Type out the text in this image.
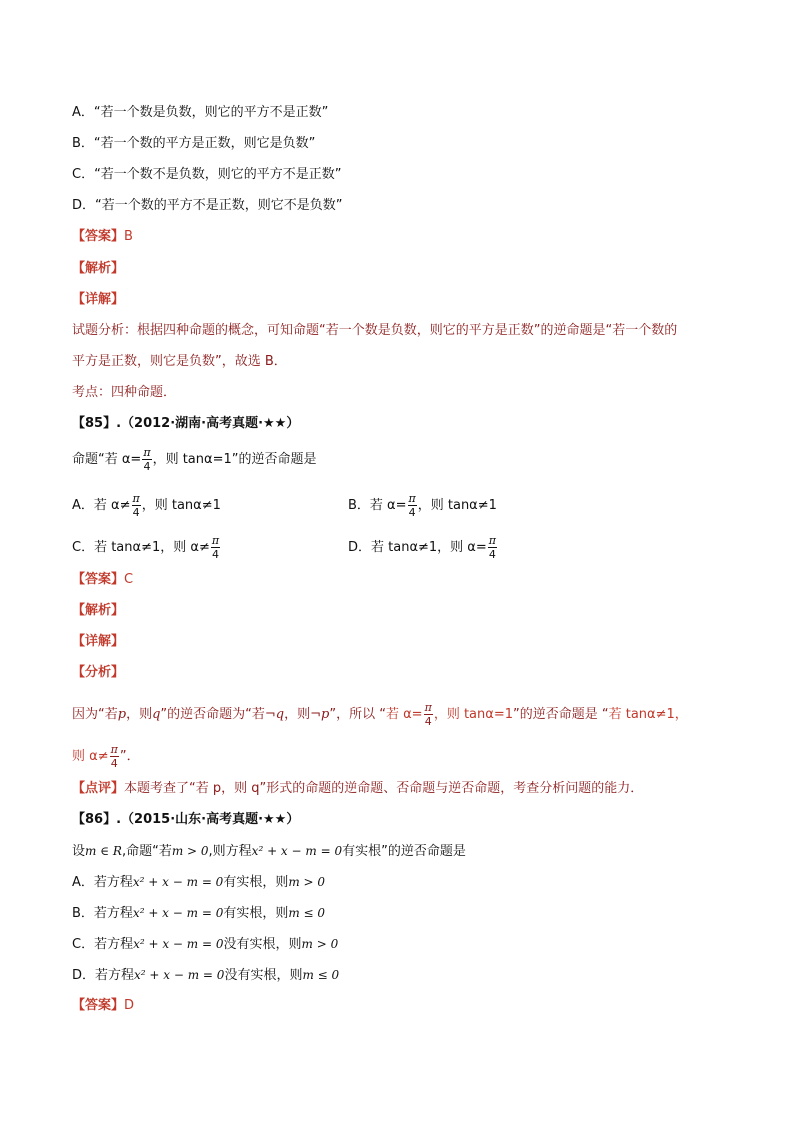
A．“若一个数是负数，则它的平方不是正数”
B．“若一个数的平方是正数，则它是负数”
C．“若一个数不是负数，则它的平方不是正数”
D．“若一个数的平方不是正数，则它不是负数”
【答案】B
【解析】
【详解】
试题分析：根据四种命题的概念，可知命题“若一个数是负数，则它的平方是正数”的逆命题是“若一个数的
平方是正数，则它是负数”，故选 B．
考点：四种命题．
【85】.（2012·湖南·高考真题·★★）
命题“若 $\alpha= \frac{\pi}{4}$ ，则 tanα=1”的逆否命题是
A．若 $\alpha\ne \frac{\pi}{4}$ ，则 tanα≠1	B．若 $\alpha= \frac{\pi}{4}$ ，则 tanα≠1
C．若 tanα≠1，则 $\alpha\ne \frac{\pi}{4}$	D．若 tanα≠1，则 $\alpha= \frac{\pi}{4}$
【答案】C
【解析】
【详解】
【分析】
因为“若p，则q”的逆否命题为“若¬q，则¬p”，所以 “若 $\alpha= \frac{\pi}{4}$ ，则 tanα=1”的逆否命题是 “若 tanα≠1，
则 $\alpha\ne \frac{\pi}{4}$ ”．
【点评】本题考查了“若 p，则 q”形式的命题的逆命题、否命题与逆否命题，考查分析问题的能力．
【86】.（2015·山东·高考真题·★★）
设m ∈ R,命题“若m > 0,则方程x² + x − m = 0有实根”的逆否命题是
A．若方程x² + x − m = 0有实根，则m > 0
B．若方程x² + x − m = 0有实根，则m ≤ 0
C．若方程x² + x − m = 0没有实根，则m > 0
D．若方程x² + x − m = 0没有实根，则m ≤ 0
【答案】D
